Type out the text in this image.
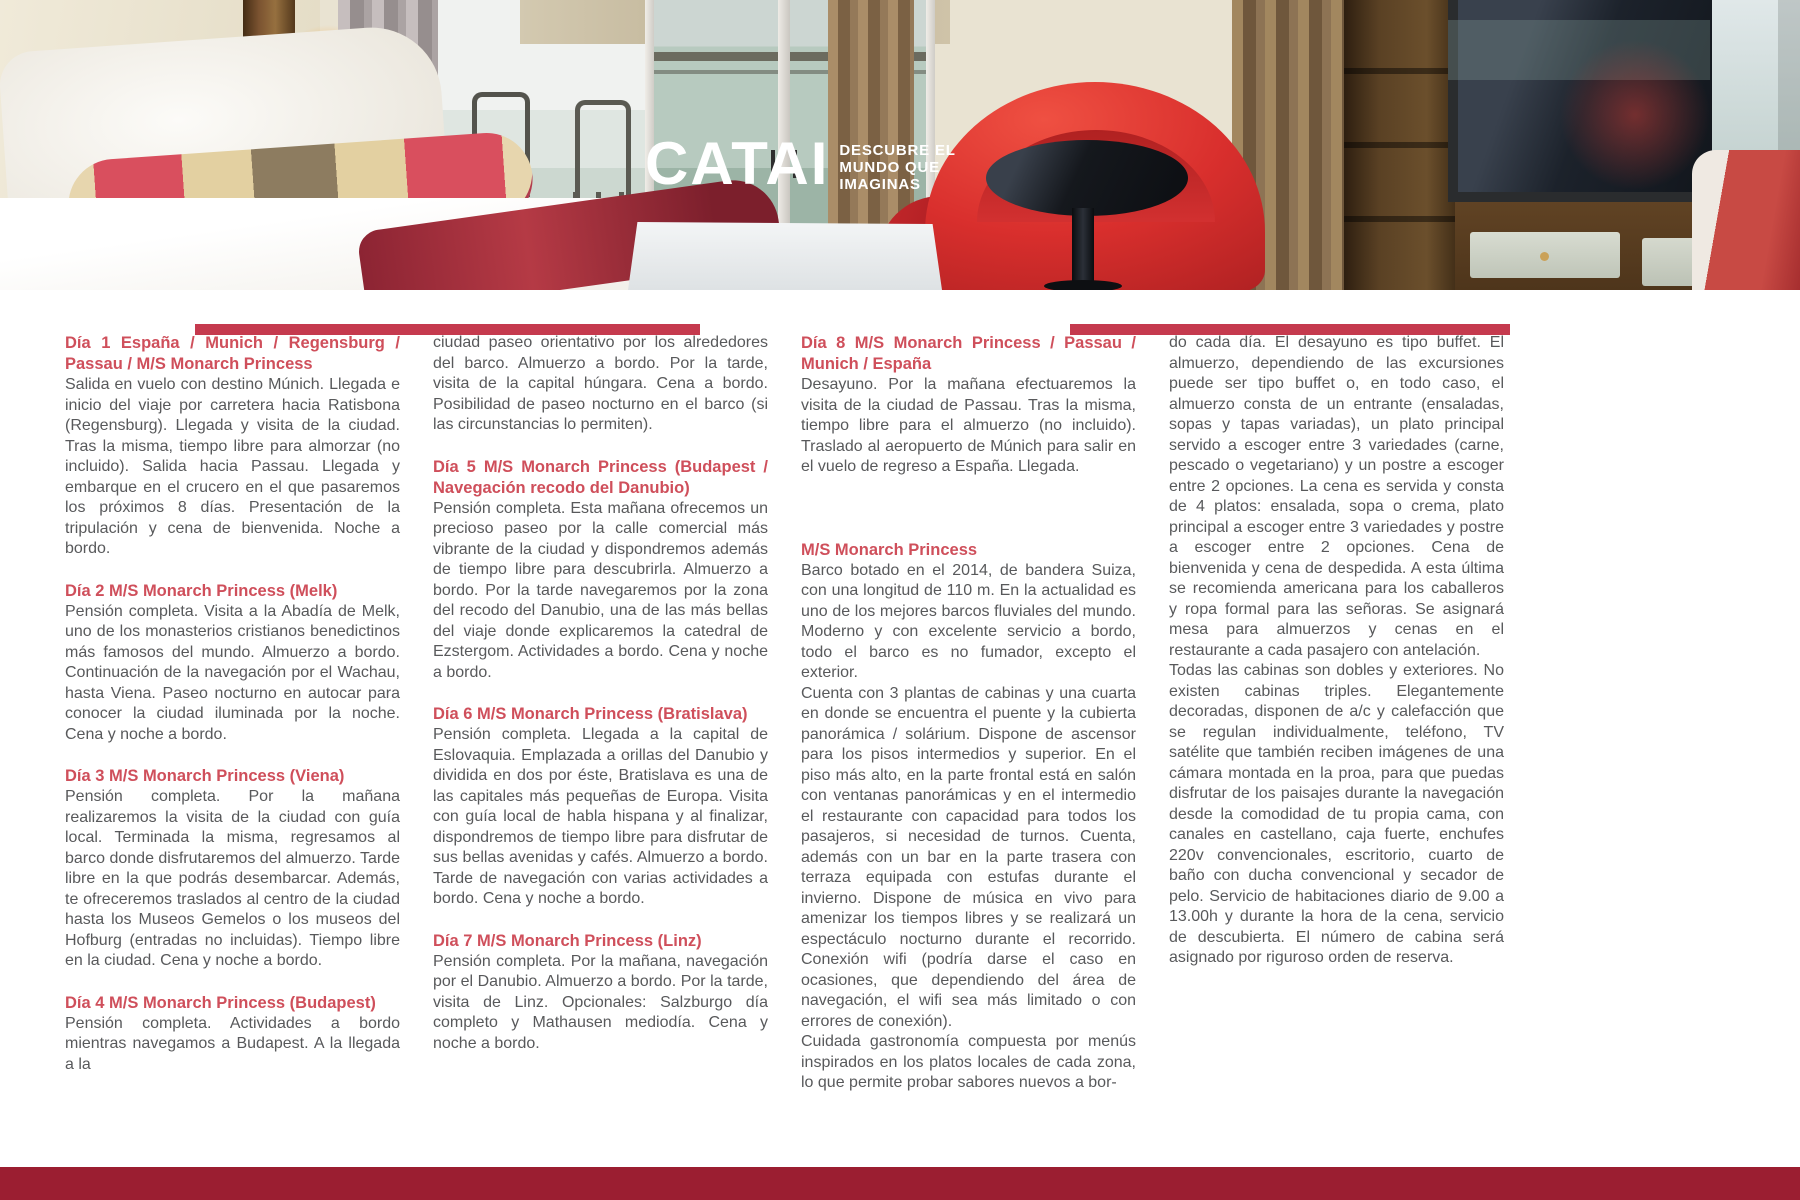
CATAI DESCUBRE EL
MUNDO QUE
IMAGINAS
Día 1 España / Munich / Regensburg / Passau / M/S Monarch Princess

Salida en vuelo con destino Múnich. Llegada e inicio del viaje por carretera hacia Ratisbona (Regensburg). Llegada y visita de la ciudad. Tras la misma, tiempo libre para almorzar (no incluido). Salida hacia Passau. Llegada y embarque en el crucero en el que pasaremos los próximos 8 días. Presentación de la tripulación y cena de bienvenida. Noche a bordo.

Día 2 M/S Monarch Princess (Melk)

Pensión completa. Visita a la Abadía de Melk, uno de los monasterios cristianos benedictinos más famosos del mundo. Almuerzo a bordo. Continuación de la navegación por el Wachau, hasta Viena. Paseo nocturno en autocar para conocer la ciudad iluminada por la noche. Cena y noche a bordo.

Día 3 M/S Monarch Princess (Viena)

Pensión completa. Por la mañana realizaremos la visita de la ciudad con guía local. Terminada la misma, regresamos al barco donde disfrutaremos del almuerzo. Tarde libre en la que podrás desembarcar. Además, te ofreceremos traslados al centro de la ciudad hasta los Museos Gemelos o los museos del Hofburg (entradas no incluidas). Tiempo libre en la ciudad. Cena y noche a bordo.

Día 4 M/S Monarch Princess (Budapest)

Pensión completa. Actividades a bordo mientras navegamos a Budapest. A la llegada a la

ciudad paseo orientativo por los alrededores del barco. Almuerzo a bordo. Por la tarde, visita de la capital húngara. Cena a bordo. Posibilidad de paseo nocturno en el barco (si las circunstancias lo permiten).

Día 5 M/S Monarch Princess (Budapest / Navegación recodo del Danubio)

Pensión completa. Esta mañana ofrecemos un precioso paseo por la calle comercial más vibrante de la ciudad y dispondremos además de tiempo libre para descubrirla. Almuerzo a bordo. Por la tarde navegaremos por la zona del recodo del Danubio, una de las más bellas del viaje donde explicaremos la catedral de Ezstergom. Actividades a bordo. Cena y noche a bordo.

Día 6 M/S Monarch Princess (Bratislava)

Pensión completa. Llegada a la capital de Eslovaquia. Emplazada a orillas del Danubio y dividida en dos por éste, Bratislava es una de las capitales más pequeñas de Europa. Visita con guía local de habla hispana y al finalizar, dispondremos de tiempo libre para disfrutar de sus bellas avenidas y cafés. Almuerzo a bordo. Tarde de navegación con varias actividades a bordo. Cena y noche a bordo.

Día 7 M/S Monarch Princess (Linz)

Pensión completa. Por la mañana, navegación por el Danubio. Almuerzo a bordo. Por la tarde, visita de Linz. Opcionales: Salzburgo día completo y Mathausen mediodía. Cena y noche a bordo.

Día 8 M/S Monarch Princess / Passau / Munich / España

Desayuno. Por la mañana efectuaremos la visita de la ciudad de Passau. Tras la misma, tiempo libre para el almuerzo (no incluido). Traslado al aeropuerto de Múnich para salir en el vuelo de regreso a España. Llegada.

M/S Monarch Princess

Barco botado en el 2014, de bandera Suiza, con una longitud de 110 m. En la actualidad es uno de los mejores barcos fluviales del mundo. Moderno y con excelente servicio a bordo, todo el barco es no fumador, excepto el exterior.

Cuenta con 3 plantas de cabinas y una cuarta en donde se encuentra el puente y la cubierta panorámica / solárium. Dispone de ascensor para los pisos intermedios y superior. En el piso más alto, en la parte frontal está en salón con ventanas panorámicas y en el intermedio el restaurante con capacidad para todos los pasajeros, si necesidad de turnos. Cuenta, además con un bar en la parte trasera con terraza equipada con estufas durante el invierno. Dispone de música en vivo para amenizar los tiempos libres y se realizará un espectáculo nocturno durante el recorrido. Conexión wifi (podría darse el caso en ocasiones, que dependiendo del área de navegación, el wifi sea más limitado o con errores de conexión).

Cuidada gastronomía compuesta por menús inspirados en los platos locales de cada zona, lo que permite probar sabores nuevos a bor-

do cada día. El desayuno es tipo buffet. El almuerzo, dependiendo de las excursiones puede ser tipo buffet o, en todo caso, el almuerzo consta de un entrante (ensaladas, sopas y tapas variadas), un plato principal servido a escoger entre 3 variedades (carne, pescado o vegetariano) y un postre a escoger entre 2 opciones. La cena es servida y consta de 4 platos: ensalada, sopa o crema, plato principal a escoger entre 3 variedades y postre a escoger entre 2 opciones. Cena de bienvenida y cena de despedida. A esta última se recomienda americana para los caballeros y ropa formal para las señoras. Se asignará mesa para almuerzos y cenas en el restaurante a cada pasajero con antelación.

Todas las cabinas son dobles y exteriores. No existen cabinas triples. Elegantemente decoradas, disponen de a/c y calefacción que se regulan individualmente, teléfono, TV satélite que también reciben imágenes de una cámara montada en la proa, para que puedas disfrutar de los paisajes durante la navegación desde la comodidad de tu propia cama, con canales en castellano, caja fuerte, enchufes 220v convencionales, escritorio, cuarto de baño con ducha convencional y secador de pelo. Servicio de habitaciones diario de 9.00 a 13.00h y durante la hora de la cena, servicio de descubierta. El número de cabina será asignado por riguroso orden de reserva.
